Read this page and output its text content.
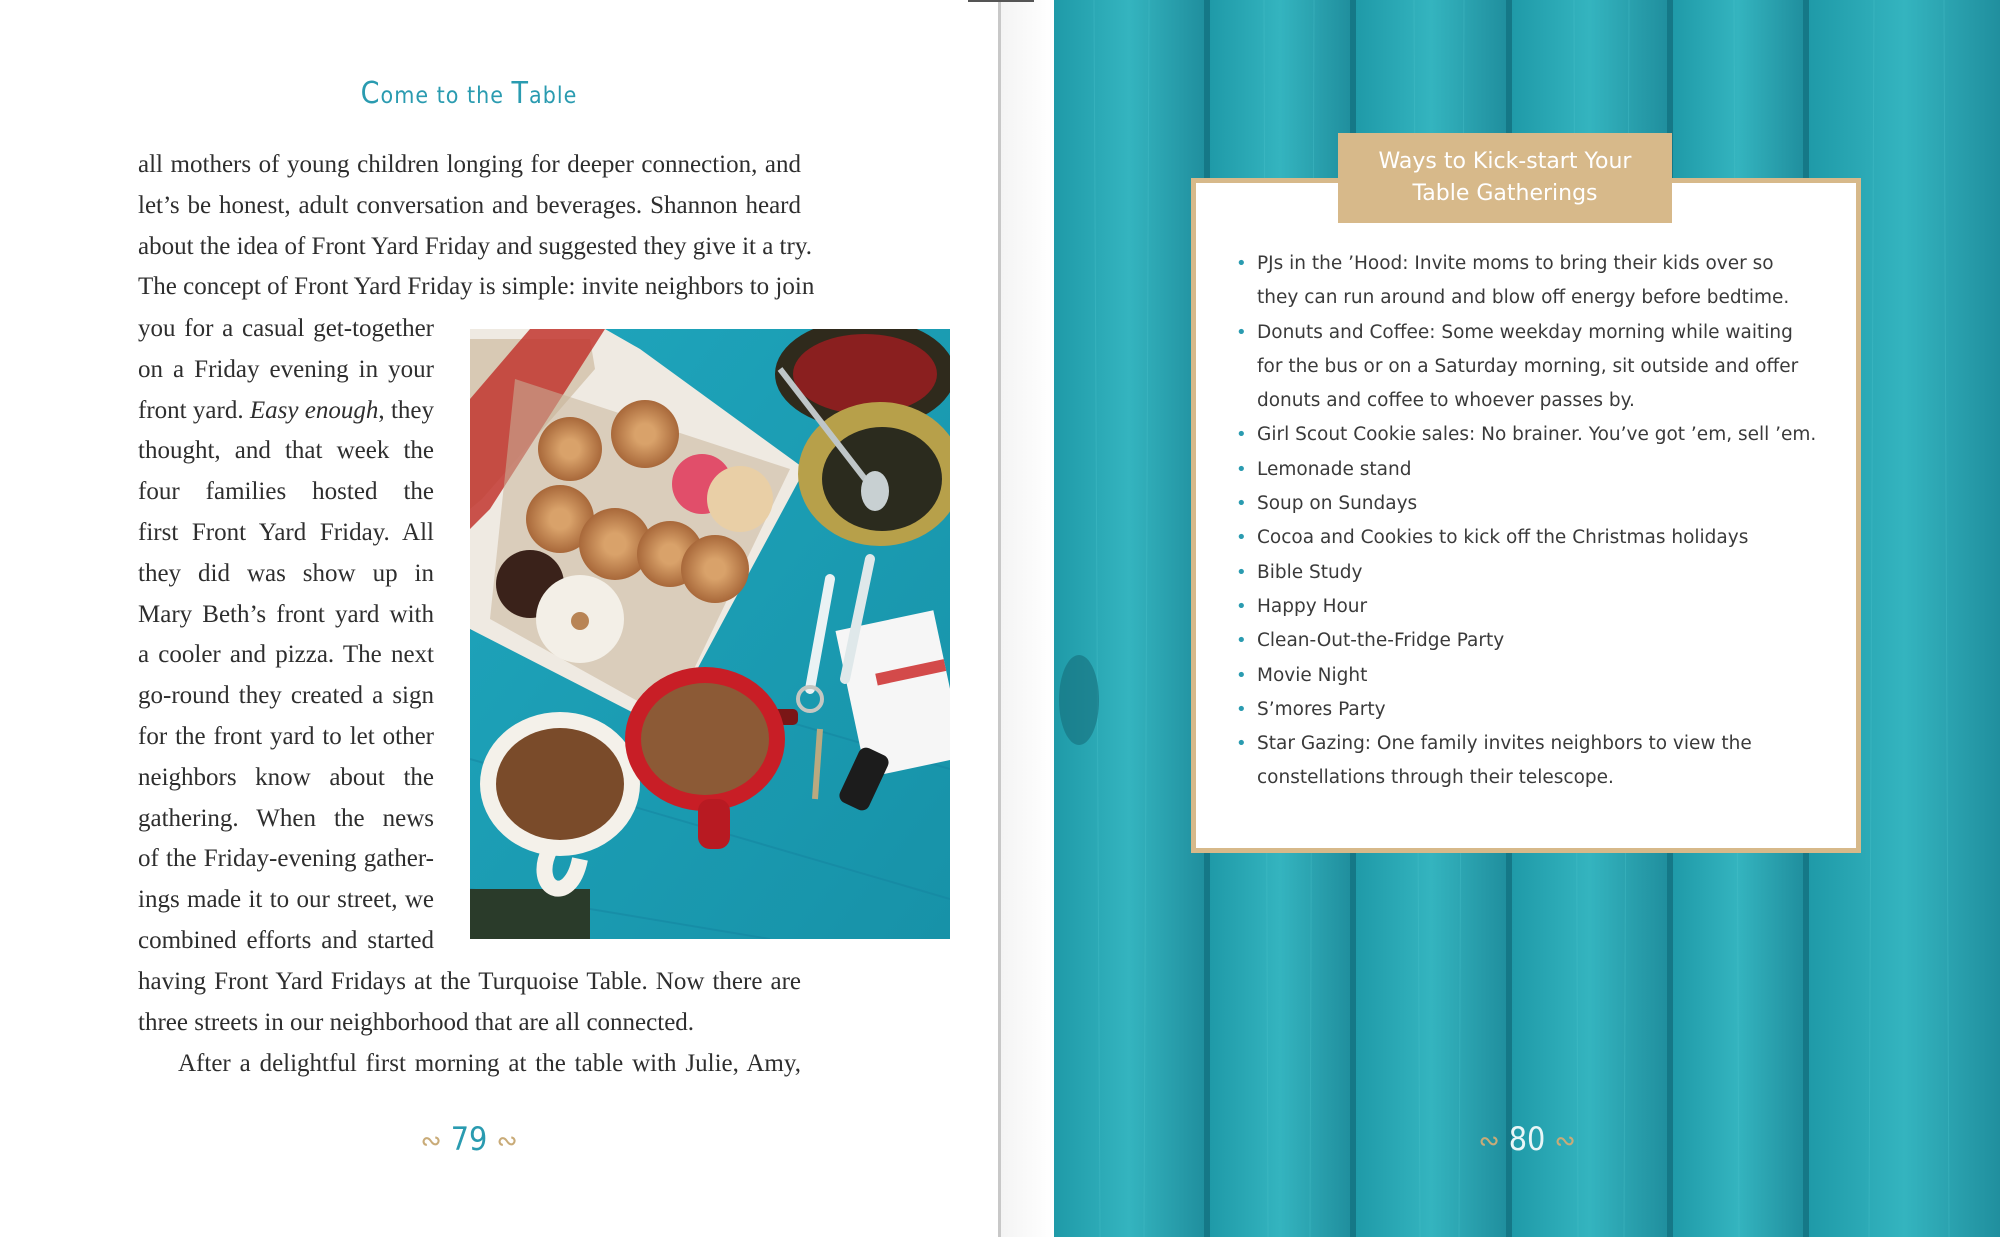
Come to the Table
all mothers of young children longing for deeper connection, and
let’s be honest, adult conversation and beverages. Shannon heard
about the idea of Front Yard Friday and suggested they give it a try.
The concept of Front Yard Friday is simple: invite neighbors to join
you for a casual get-together
on a Friday evening in your
front yard. Easy enough, they
thought, and that week the
four families hosted the
first Front Yard Friday. All
they did was show up in
Mary Beth’s front yard with
a cooler and pizza. The next
go-round they created a sign
for the front yard to let other
neighbors know about the
gathering. When the news
of the Friday-evening gather-
ings made it to our street, we
combined efforts and started
having Front Yard Fridays at the Turquoise Table. Now there are
three streets in our neighborhood that are all connected.
After a delightful first morning at the table with Julie, Amy,
∾ 79 ∾
Ways to Kick-start Your
Table Gatherings
• PJs in the ’Hood: Invite moms to bring their kids over so
they can run around and blow off energy before bedtime.
• Donuts and Coffee: Some weekday morning while waiting
for the bus or on a Saturday morning, sit outside and offer
donuts and coffee to whoever passes by.
• Girl Scout Cookie sales: No brainer. You’ve got ’em, sell ’em.
• Lemonade stand
• Soup on Sundays
• Cocoa and Cookies to kick off the Christmas holidays
• Bible Study
• Happy Hour
• Clean-Out-the-Fridge Party
• Movie Night
• S’mores Party
• Star Gazing: One family invites neighbors to view the
constellations through their telescope.
∾ 80 ∾
